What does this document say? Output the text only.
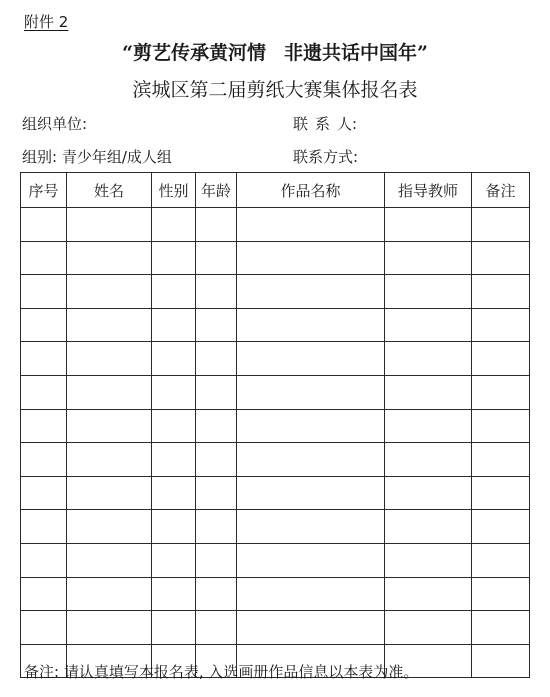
附件 2
“剪艺传承黄河情 非遗共话中国年”
滨城区第二届剪纸大赛集体报名表
组织单位:	联 系 人:
组别: 青少年组/成人组	联系方式:
序号	姓名	性别	年龄	作品名称	指导教师	备注

备注: 请认真填写本报名表, 入选画册作品信息以本表为准。
